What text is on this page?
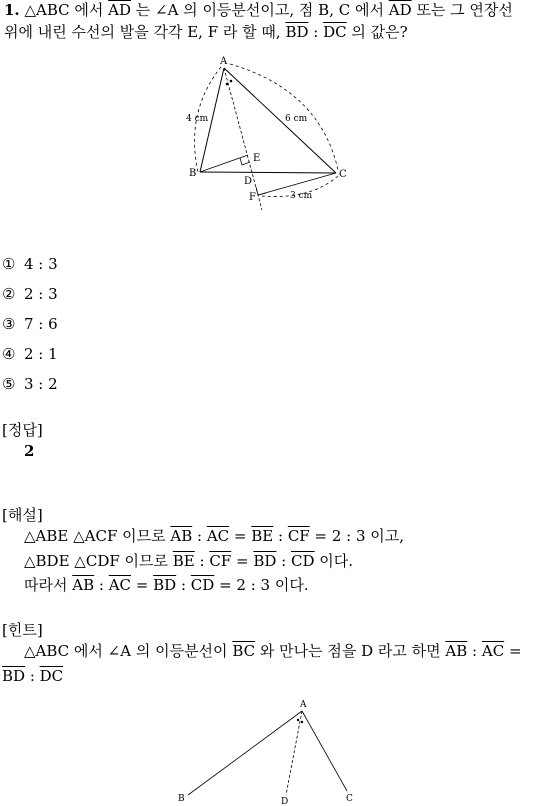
1. △ABC 에서 $\overline{AD}$ 는 ∠A 의 이등분선이고, 점 B, C 에서 $\overline{AD}$ 또는 그 연장선
위에 내린 수선의 발을 각각 E, F 라 할 때, $\overline{BD}$ : $\overline{DC}$ 의 값은?
A
B	C
D
E
F
4 cm	6 cm
3 cm
① 4 : 3
② 2 : 3
③ 7 : 6
④ 2 : 1
⑤ 3 : 2
[정답]
2
[해설]
△ABE △ACF 이므로 $\overline{AB}$ : $\overline{AC} = \overline{BE}$ : $\overline{CF} = 2$ : 3 이고,
△BDE △CDF 이므로 $\overline{BE}$ : $\overline{CF} = \overline{BD}$ : $\overline{CD}$ 이다.
따라서 $\overline{AB}$ : $\overline{AC} = \overline{BD}$ : $\overline{CD} = 2$ : 3 이다.
[힌트]
△ABC 에서 ∠A 의 이등분선이 $\overline{BC}$ 와 만나는 점을 D 라고 하면 $\overline{AB}$ : $\overline{AC}$ =
$\overline{BD}$ : $\overline{DC}$
A
B	D	C
